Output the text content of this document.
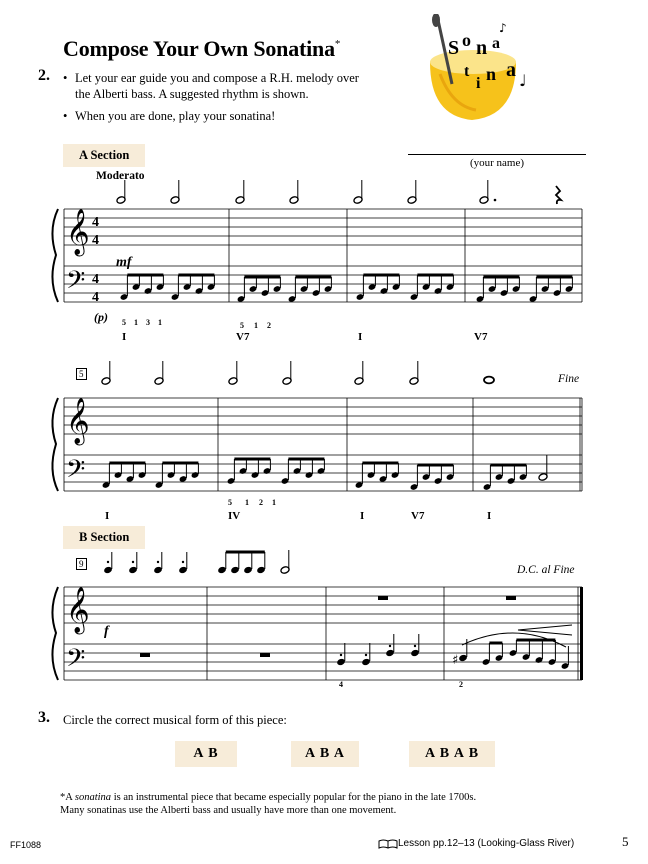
Compose Your Own Sonatina*	S o n a
t
i n a ♩
♪
2. • Let your ear guide you and compose a R.H. melody over the Alberti bass. A suggested rhythm is shown.
• When you are done, play your sonatina!
(your name)
A Section
Moderato
𝄞
𝄢
4
4
4
4
𝄞
𝄢
𝄞
𝄢	♯
mf
(p) 5 1 3 1	5 1 2
I	V7	I	V7
5	Fine
5 1 2 1
I	IV	I	V7	I
B Section
9	D.C. al Fine
f
4	2
3. Circle the correct musical form of this piece:
A B	A B A	A B A B
*A sonatina is an instrumental piece that became especially popular for the piano in the late 1700s.
Many sonatinas use the Alberti bass and usually have more than one movement.
FF1088	Lesson pp.12–13 (Looking-Glass River)	5
